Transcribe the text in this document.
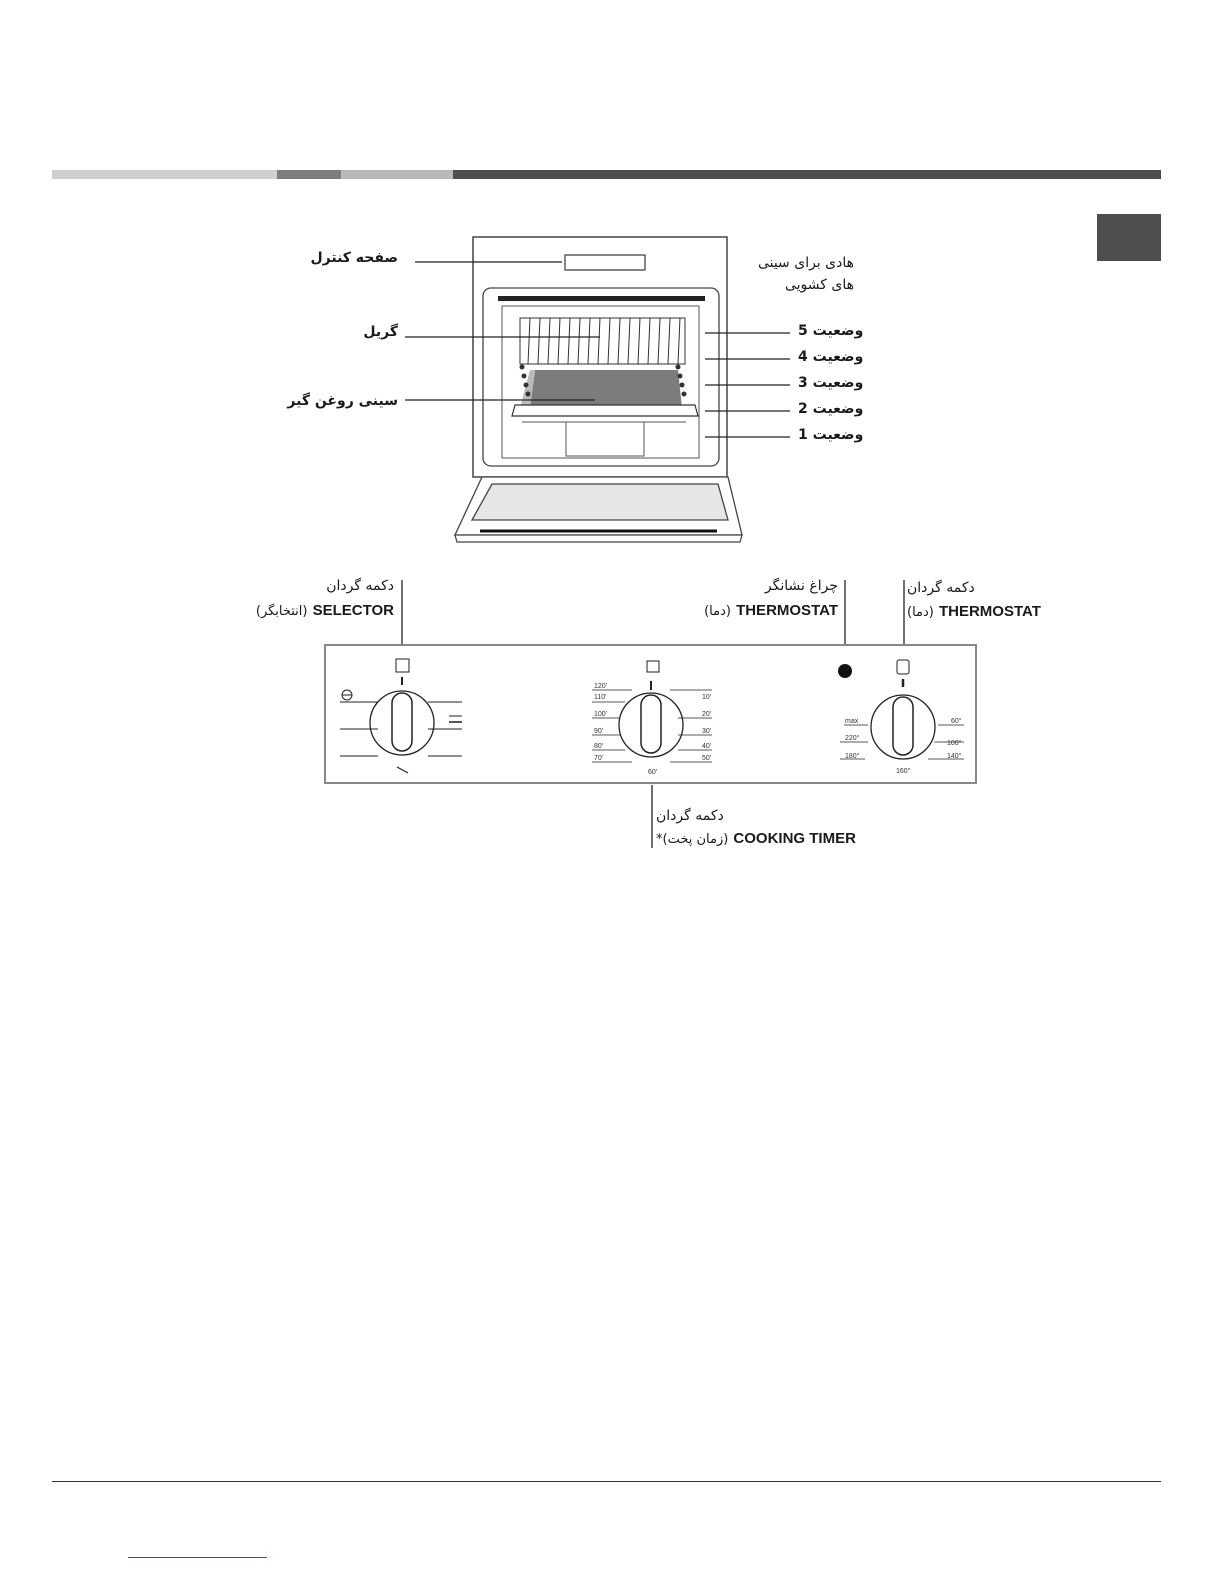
صفحه کنترل
گریل
سینی روغن گیر
هادی برای سینی
های کشویی
وضعیت 5
وضعیت 4
وضعیت 3
وضعیت 2
وضعیت 1
دکمه گردان
(انتخابگر) SELECTOR
چراغ نشانگر
(دما) THERMOSTAT
دکمه گردان
(دما) THERMOSTAT
دکمه گردان
*(زمان پخت) COOKING TIMER
120'
110'
100'
90'
80'
70'
10'
20'
30'
40'
50'
60'
max
220°
180°
60°
100°
140°
160°
